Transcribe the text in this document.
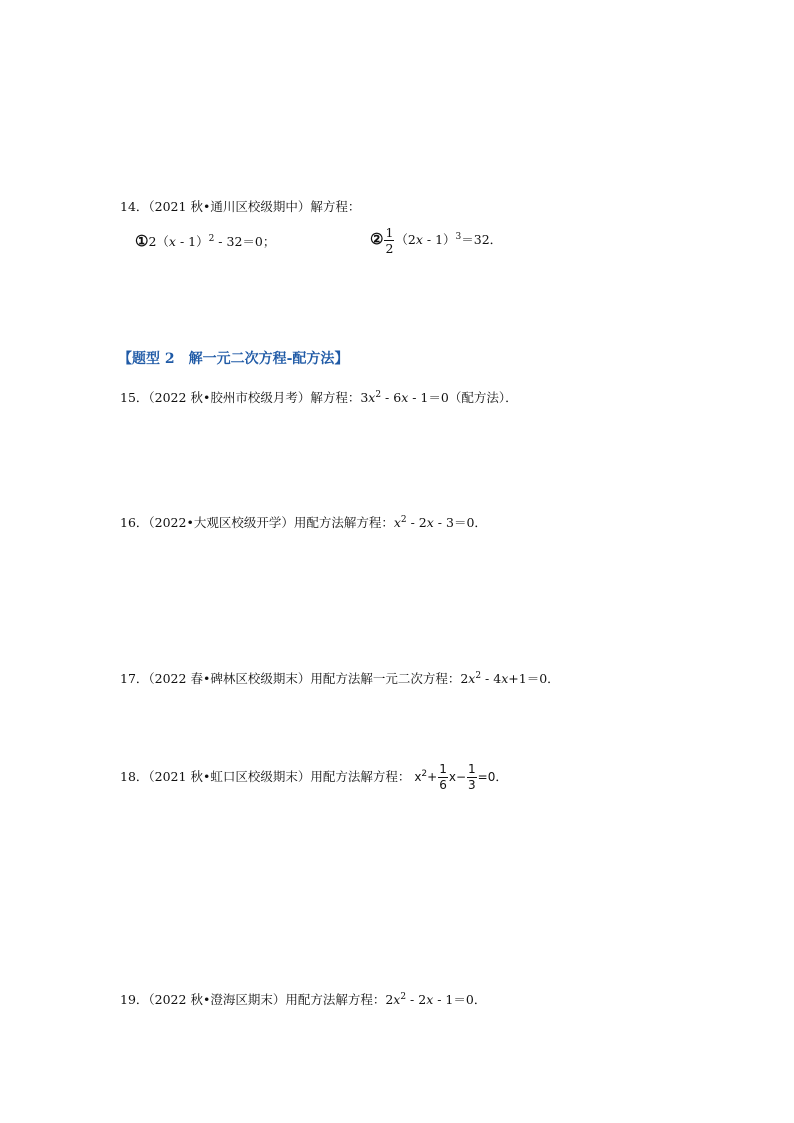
14．（2021 秋•通川区校级期中）解方程：
①2（x - 1）$^2$ - 32＝0；	② $\frac{1}{2} (2x - 1)^3=32$．
【题型 2　解一元二次方程-配方法】
15．（2022 秋•胶州市校级月考）解方程：$3x^2 - 6x - 1=0$（配方法）．
16．（2022•大观区校级开学）用配方法解方程：$x^2 - 2x - 3=0$．
17．（2022 春•碑林区校级期末）用配方法解一元二次方程：$2x^2 - 4x+1=0$．
18．（2021 秋•虹口区校级期末）用配方法解方程： $x^2+ \frac{1}{6} x- \frac{1}{3} =0$．
19．（2022 秋•澄海区期末）用配方法解方程：$2x^2 - 2x - 1=0$．
